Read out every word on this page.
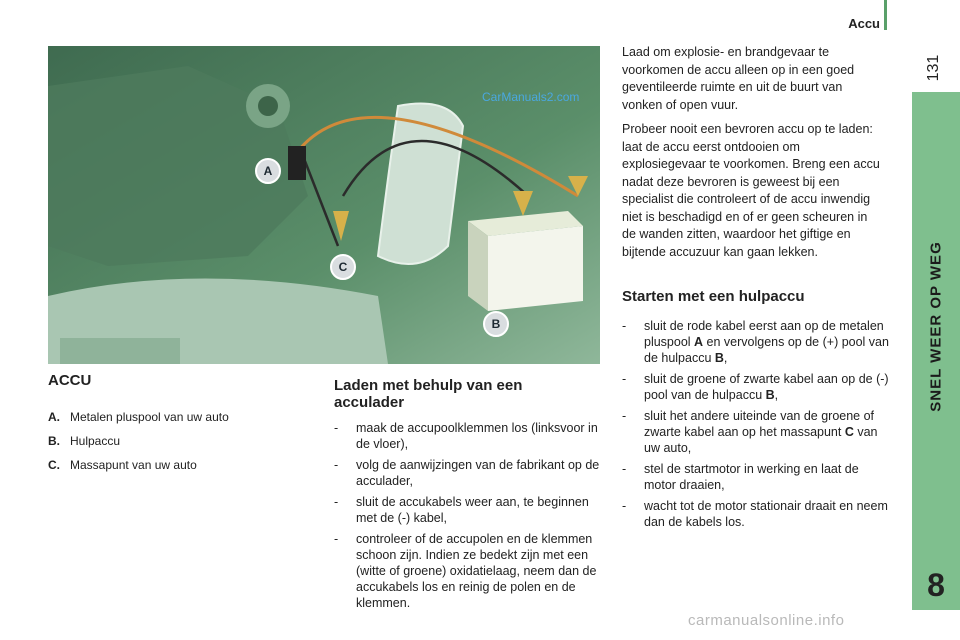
Accu
131
SNEL WEER OP WEG
8
A
B
C
CarManuals2.com
ACCU
A. Metalen pluspool van uw auto
B. Hulpaccu
C. Massapunt van uw auto
Laden met behulp van een
acculader
- maak de accupoolklemmen los (linksvoor in de vloer),
- volg de aanwijzingen van de fabrikant op de acculader,
- sluit de accukabels weer aan, te beginnen met de (-) kabel,
- controleer of de accupolen en de klemmen schoon zijn. Indien ze bedekt zijn met een (witte of groene) oxidatielaag, neem dan de accukabels los en reinig de polen en de klemmen.

Laad om explosie- en brandgevaar te voorkomen de accu alleen op in een goed geventileerde ruimte en uit de buurt van vonken of open vuur.

Probeer nooit een bevroren accu op te laden: laat de accu eerst ontdooien om explosiegevaar te voorkomen. Breng een accu nadat deze bevroren is geweest bij een specialist die controleert of de accu inwendig niet is beschadigd en of er geen scheuren in de wanden zitten, waardoor het giftige en bijtende accuzuur kan gaan lekken.

Starten met een hulpaccu
- sluit de rode kabel eerst aan op de metalen pluspool A en vervolgens op de (+) pool van de hulpaccu B,
- sluit de groene of zwarte kabel aan op de (-) pool van de hulpaccu B,
- sluit het andere uiteinde van de groene of zwarte kabel aan op het massapunt C van uw auto,
- stel de startmotor in werking en laat de motor draaien,
- wacht tot de motor stationair draait en neem dan de kabels los.
carmanualsonline.info
